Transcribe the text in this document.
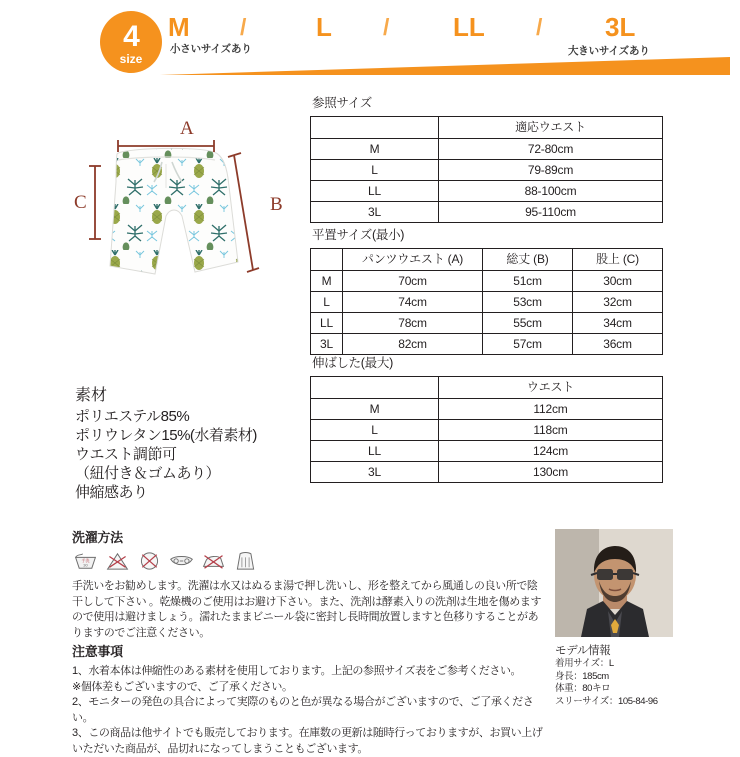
4
size
M /	L / LL / 3L
小さいサイズあり	大きいサイズあり
A
B
C
参照サイズ
	適応ウエスト
M	72-80cm
L	79-89cm
LL	88-100cm
3L	95-110cm
平置サイズ(最小)
	パンツウエスト (A)	総丈 (B)	股上 (C)
M	70cm	51cm	30cm
L	74cm	53cm	32cm
LL	78cm	55cm	34cm
3L	82cm	57cm	36cm
伸ばした(最大)
	ウエスト
M	112cm
L	118cm
LL	124cm
3L	130cm
素材
ポリエステル85%
ポリウレタン15%(水着素材)
ウエスト調節可
（紐付き＆ゴムあり）
伸縮感あり
洗濯方法
手洗
30
手洗いをお勧めします。洗濯は水又はぬるま湯で押し洗いし、形を整えてから風通しの良い所で陰干しして下さい 。乾燥機のご使用はお避け下さい。また、洗剤は酵素入りの洗剤は生地を傷めますので使用は避けましょう。濡れたままビニール袋に密封し長時間放置しますと色移りすることがありますのでご注意ください。
注意事項
1、水着本体は伸縮性のある素材を使用しております。上記の参照サイズ表をご参考ください。
※個体差もございますので、ご了承ください。
2、モニターの発色の具合によって実際のものと色が異なる場合がございますので、ご了承ください。
3、この商品は他サイトでも販売しております。在庫数の更新は随時行っておりますが、お買い上げいただいた商品が、品切れになってしまうこともございます。
モデル情報
着用サイズ：L
身長：185cm
体重：80キロ
スリーサイズ：105-84-96
